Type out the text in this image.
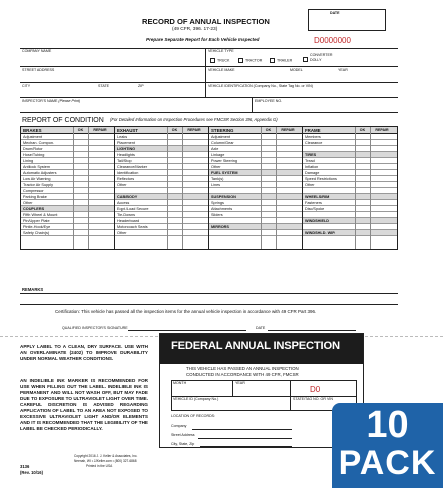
RECORD OF ANNUAL INSPECTION
(49 CFR, 396. 17-23)
Prepare Separate Report for Each Vehicle Inspected
DATE
D0000000
COMPANY NAME	VEHICLE TYPE
TRUCK	TRACTOR	TRAILER
CONVERTER DOLLY
STREET ADDRESS	VEHICLE MAKE	MODEL	YEAR
CITY	STATE	ZIP	VEHICLE IDENTIFICATION (Company No., State Tag No. or VIN)
INSPECTOR'S NAME (Please Print)	EMPLOYEE NO.
REPORT OF CONDITION (For Detailed Information on Inspection Procedures see FMCSR Section 396, Appendix G)
BRAKES	OK	REPAIR
Adjustment
Mechan. Compon.
Drum/Rotor
Hose/Tubing
Lining
Antilock System
Automatic Adjusters
Low Air Warning
Tractor Air Supply
Compressor
Parking Brake
Other
COUPLERS
Fifth Wheel & Mount
Pin/Upper Plate
Pintle-Hook/Eye
Safety Chain(s)
EXHAUST	OK	REPAIR
Leaks
Placement
LIGHTING
Headlights
Tail/Stop
Clearance/Marker
Identification
Reflectors
Other
CAB/BODY
Access
Eqpt./Load Secure
Tie-Downs
Headerboard
Motorcoach Seats
Other
STEERING	OK	REPAIR
Adjustment
Column/Gear
Axle
Linkage
Power Steering
Other
FUEL SYSTEM
Tank(s)
Lines
SUSPENSION
Springs
Attachments
Sliders
MIRRORS
FRAME	OK	REPAIR
Members
Clearance
TIRES
Tread
Inflation
Damage
Speed Restrictions
Other
WHEELS/RIM
Fasteners
Disc/Spoke
WINDSHIELD
WINDSHLD. WIP.
REMARKS
Certification: This vehicle has passed all the inspection items for the annual vehicle inspection in accordance with 49 CFR Part 396.
QUALIFIED INSPECTOR'S SIGNATURE	DATE
APPLY LABEL TO A CLEAN, DRY SURFACE. USE WITH AN OVERLAMINATE (2402) TO IMPROVE DURABILITY UNDER NORMAL WEATHER CONDITIONS.
AN INDELIBLE INK MARKER IS RECOMMENDED FOR USE WHEN FILLING OUT THE LABEL. INDELIBLE INK IS PERMANENT AND WILL NOT WASH OFF, BUT MAY FADE DUE TO EXPOSURE TO ULTRAVIOLET LIGHT OVER TIME. CAREFUL DISCRETION IS ADVISED REGARDING APPLICATION OF LABEL TO AN AREA NOT EXPOSED TO EXCESSIVE ULTRAVIOLET LIGHT AND/OR ELEMENTS AND IT IS RECOMMENDED THAT THE LEGIBILITY OF THE LABEL BE CHECKED PERIODICALLY.
Copyright 2016 J. J. Keller & Associates, Inc.
Neenah, WI • JJKeller.com • (800) 327-6868
Printed in the USA
3136
(Rev. 10/16)
FEDERAL ANNUAL INSPECTION
THIS VEHICLE HAS PASSED AN ANNUAL INSPECTION
CONDUCTED IN ACCORDANCE WITH 49 CFR, FMCSR
MONTH	YEAR
D0
VEHICLE ID (Company No.)	STATE/TAG NO. OR VIN
LOCATION OF RECORDS:
Company
Street Address
City, State, Zip	10
PACK
